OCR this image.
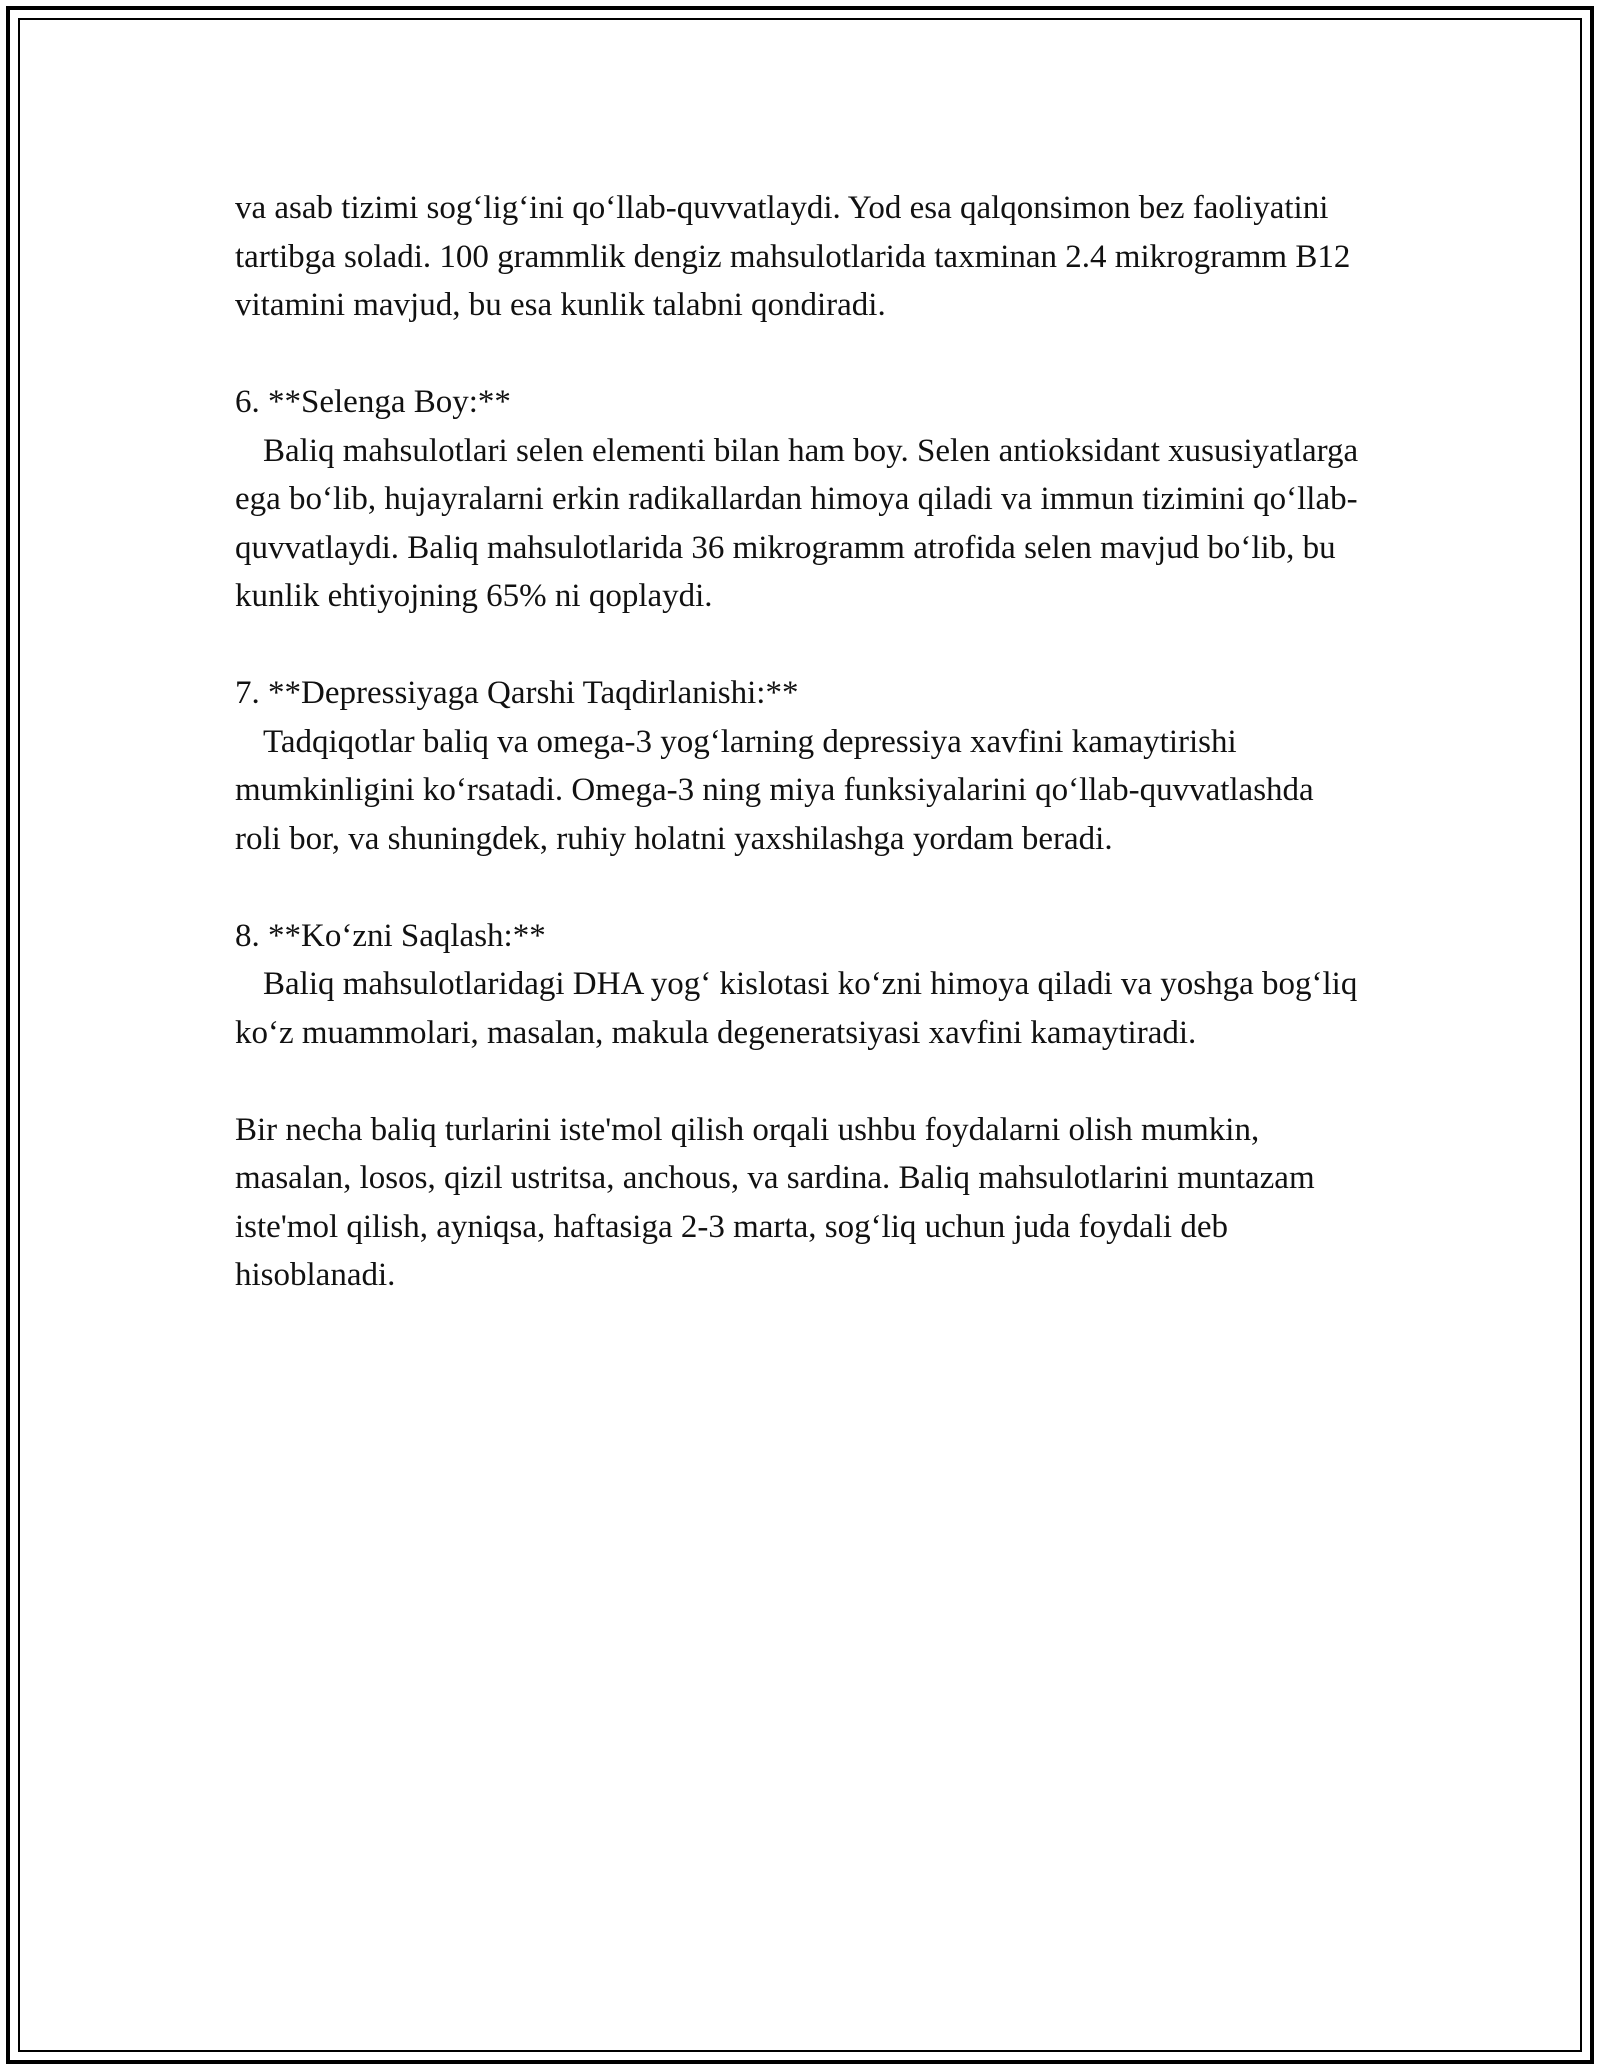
va asab tizimi sog‘lig‘ini qo‘llab-quvvatlaydi. Yod esa qalqonsimon bez faoliyatini tartibga soladi. 100 grammlik dengiz mahsulotlarida taxminan 2.4 mikrogramm B12 vitamini mavjud, bu esa kunlik talabni qondiradi.

6. **Selenga Boy:**

Baliq mahsulotlari selen elementi bilan ham boy. Selen antioksidant xususiyatlarga ega bo‘lib, hujayralarni erkin radikallardan himoya qiladi va immun tizimini qo‘llab-quvvatlaydi. Baliq mahsulotlarida 36 mikrogramm atrofida selen mavjud bo‘lib, bu kunlik ehtiyojning 65% ni qoplaydi.

7. **Depressiyaga Qarshi Taqdirlanishi:**

Tadqiqotlar baliq va omega-3 yog‘larning depressiya xavfini kamaytirishi mumkinligini ko‘rsatadi. Omega-3 ning miya funksiyalarini qo‘llab-quvvatlashda roli bor, va shuningdek, ruhiy holatni yaxshilashga yordam beradi.

8. **Ko‘zni Saqlash:**

Baliq mahsulotlaridagi DHA yog‘ kislotasi ko‘zni himoya qiladi va yoshga bog‘liq ko‘z muammolari, masalan, makula degeneratsiyasi xavfini kamaytiradi.

Bir necha baliq turlarini iste'mol qilish orqali ushbu foydalarni olish mumkin, masalan, losos, qizil ustritsa, anchous, va sardina. Baliq mahsulotlarini muntazam iste'mol qilish, ayniqsa, haftasiga 2-3 marta, sog‘liq uchun juda foydali deb hisoblanadi.
